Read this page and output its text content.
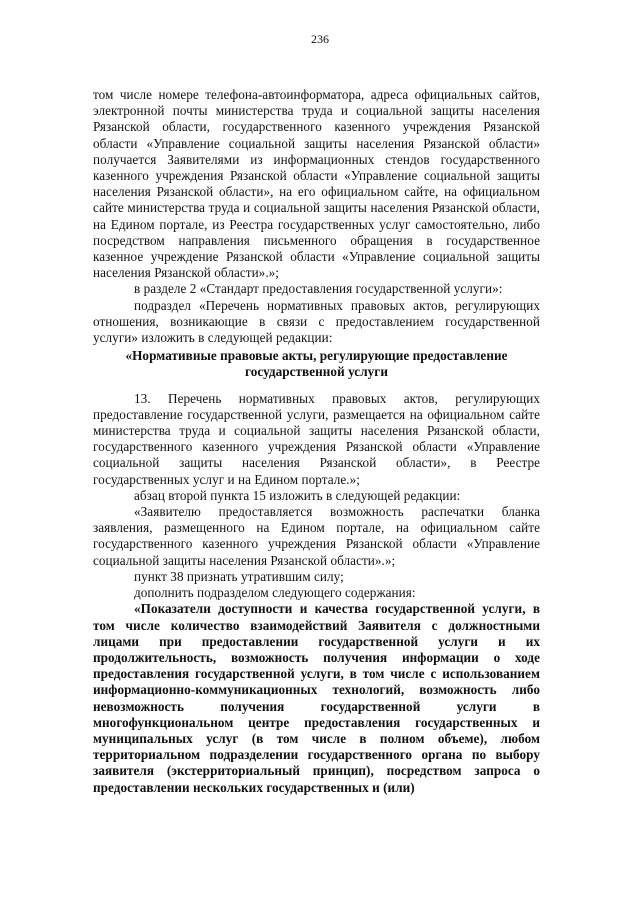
236

том числе номере телефона-автоинформатора, адреса официальных сайтов, электронной почты министерства труда и социальной защиты населения Рязанской области, государственного казенного учреждения Рязанской области «Управление социальной защиты населения Рязанской области» получается Заявителями из информационных стендов государственного казенного учреждения Рязанской области «Управление социальной защиты населения Рязанской области», на его официальном сайте, на официальном сайте министерства труда и социальной защиты населения Рязанской области, на Едином портале, из Реестра государственных услуг самостоятельно, либо посредством направления письменного обращения в государственное казенное учреждение Рязанской области «Управление социальной защиты населения Рязанской области».»;

в разделе 2 «Стандарт предоставления государственной услуги»:

подраздел «Перечень нормативных правовых актов, регулирующих отношения, возникающие в связи с предоставлением государственной услуги» изложить в следующей редакции:

«Нормативные правовые акты, регулирующие предоставление государственной услуги

13. Перечень нормативных правовых актов, регулирующих предоставление государственной услуги, размещается на официальном сайте министерства труда и социальной защиты населения Рязанской области, государственного казенного учреждения Рязанской области «Управление социальной защиты населения Рязанской области», в Реестре государственных услуг и на Едином портале.»;

абзац второй пункта 15 изложить в следующей редакции:

«Заявителю предоставляется возможность распечатки бланка заявления, размещенного на Едином портале, на официальном сайте государственного казенного учреждения Рязанской области «Управление социальной защиты населения Рязанской области».»;

пункт 38 признать утратившим силу;

дополнить подразделом следующего содержания:

«Показатели доступности и качества государственной услуги, в том числе количество взаимодействий Заявителя с должностными лицами при предоставлении государственной услуги и их продолжительность, возможность получения информации о ходе предоставления государственной услуги, в том числе с использованием информационно-коммуникационных технологий, возможность либо невозможность получения государственной услуги в многофункциональном центре предоставления государственных и муниципальных услуг (в том числе в полном объеме), любом территориальном подразделении государственного органа по выбору заявителя (экстерриториальный принцип), посредством запроса о предоставлении нескольких государственных и (или)
